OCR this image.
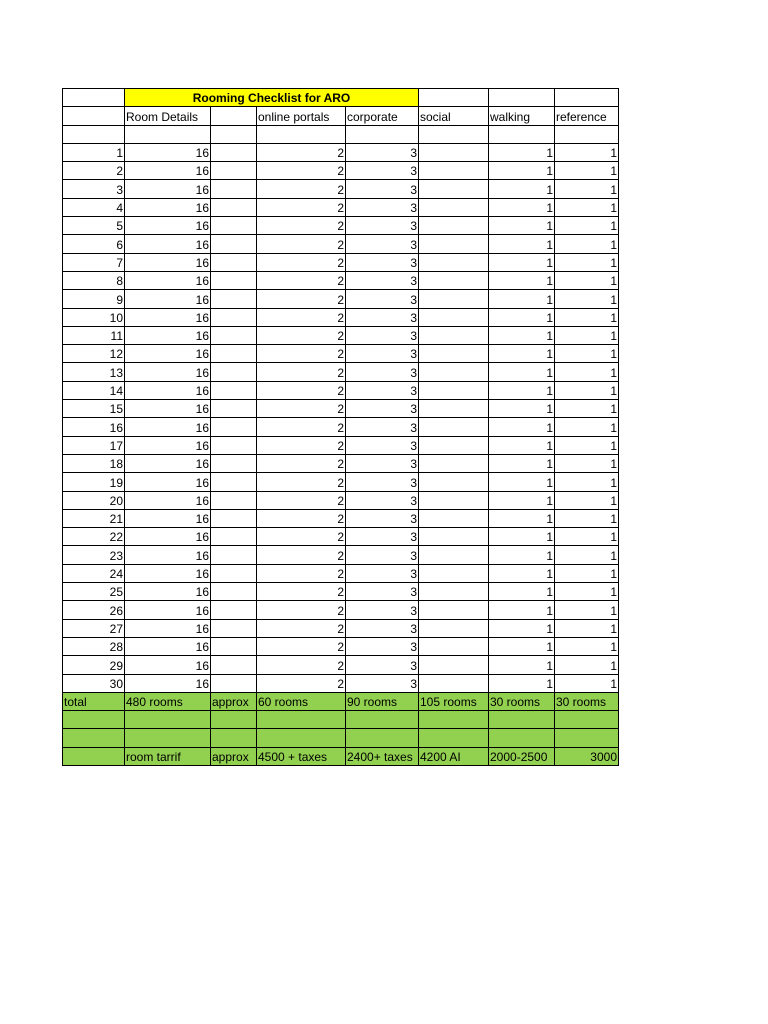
	Rooming Checklist for ARO						
	Room Details		online portals	corporate	social	walking	reference

1	16		2	3		1	1
2	16		2	3		1	1
3	16		2	3		1	1
4	16		2	3		1	1
5	16		2	3		1	1
6	16		2	3		1	1
7	16		2	3		1	1
8	16		2	3		1	1
9	16		2	3		1	1
10	16		2	3		1	1
11	16		2	3		1	1
12	16		2	3		1	1
13	16		2	3		1	1
14	16		2	3		1	1
15	16		2	3		1	1
16	16		2	3		1	1
17	16		2	3		1	1
18	16		2	3		1	1
19	16		2	3		1	1
20	16		2	3		1	1
21	16		2	3		1	1
22	16		2	3		1	1
23	16		2	3		1	1
24	16		2	3		1	1
25	16		2	3		1	1
26	16		2	3		1	1
27	16		2	3		1	1
28	16		2	3		1	1
29	16		2	3		1	1
30	16		2	3		1	1
total	480 rooms	approx	60 rooms	90 rooms	105 rooms	30 rooms	30 rooms

	room tarrif	approx	4500 + taxes	2400+ taxes	4200 AI	2000-2500	3000
